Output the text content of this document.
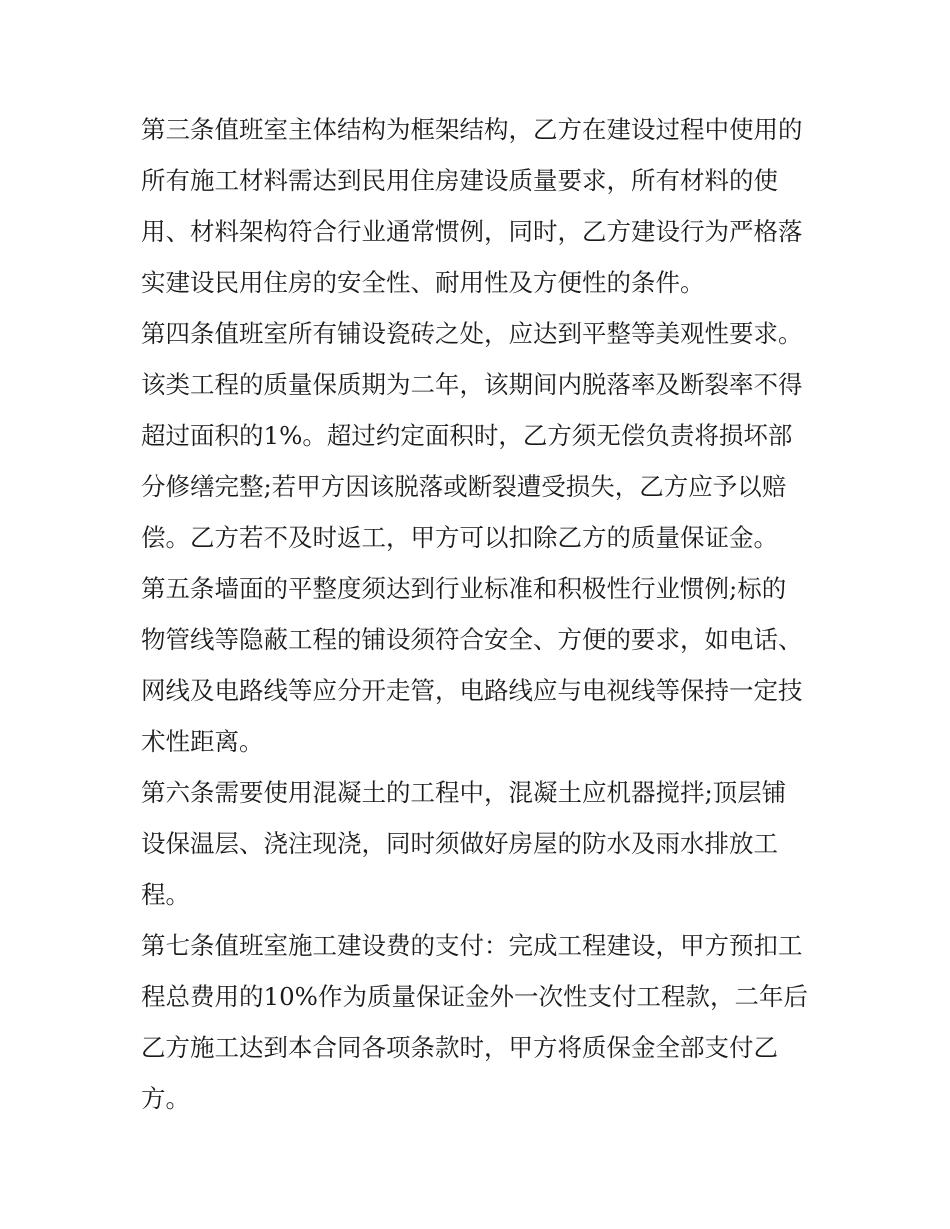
第三条值班室主体结构为框架结构，乙方在建设过程中使用的
所有施工材料需达到民用住房建设质量要求，所有材料的使
用、材料架构符合行业通常惯例，同时，乙方建设行为严格落
实建设民用住房的安全性、耐用性及方便性的条件。
第四条值班室所有铺设瓷砖之处，应达到平整等美观性要求。
该类工程的质量保质期为二年，该期间内脱落率及断裂率不得
超过面积的1%。超过约定面积时，乙方须无偿负责将损坏部
分修缮完整;若甲方因该脱落或断裂遭受损失，乙方应予以赔
偿。乙方若不及时返工，甲方可以扣除乙方的质量保证金。
第五条墙面的平整度须达到行业标准和积极性行业惯例;标的
物管线等隐蔽工程的铺设须符合安全、方便的要求，如电话、
网线及电路线等应分开走管，电路线应与电视线等保持一定技
术性距离。
第六条需要使用混凝土的工程中，混凝土应机器搅拌;顶层铺
设保温层、浇注现浇，同时须做好房屋的防水及雨水排放工
程。
第七条值班室施工建设费的支付：完成工程建设，甲方预扣工
程总费用的10%作为质量保证金外一次性支付工程款，二年后
乙方施工达到本合同各项条款时，甲方将质保金全部支付乙
方。
